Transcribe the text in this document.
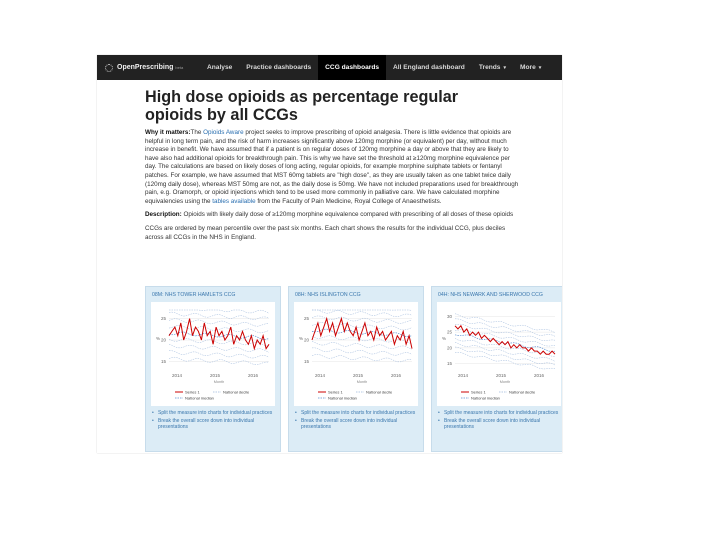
OpenPrescribing beta	Analyse Practice dashboards CCG dashboards All England dashboard Trends ▾ More ▾
High dose opioids as percentage regular opioids by all CCGs

Why it matters:The Opioids Aware project seeks to improve prescribing of opioid analgesia. There is little evidence that opioids are helpful in long term pain, and the risk of harm increases significantly above 120mg morphine (or equivalent) per day, without much increase in benefit. We have assumed that if a patient is on regular doses of 120mg morphine a day or above that they are likely to have also had additional opioids for breakthrough pain. This is why we have set the threshold at ≥120mg morphine equivalence per day. The calculations are based on likely doses of long acting, regular opioids, for example morphine sulphate tablets or fentanyl patches. For example, we have assumed that MST 60mg tablets are "high dose", as they are usually taken as one tablet twice daily (120mg daily dose), whereas MST 50mg are not, as the daily dose is 50mg. We have not included preparations used for breakthrough pain, e.g. Oramorph, or opioid injections which tend to be used more commonly in palliative care. We have calculated morphine equivalencies using the tables available from the Faculty of Pain Medicine, Royal College of Anaesthetists.

Description: Opioids with likely daily dose of ≥120mg morphine equivalence compared with prescribing of all doses of these opioids

CCGs are ordered by mean percentile over the past six months. Each chart shows the results for the individual CCG, plus deciles across all CCGs in the NHS in England.

08M: NHS TOWER HAMLETS CCG
15
20
25
%
2014	2015	2016
Month
Series 1	National decile
National median
• Split the measure into charts for individual practices
• Break the overall score down into individual presentations
08H: NHS ISLINGTON CCG
15
20
25
%
2014	2015	2016
Month
Series 1	National decile
National median
• Split the measure into charts for individual practices
• Break the overall score down into individual presentations
04H: NHS NEWARK AND SHERWOOD CCG
15
20
25
30
%
2014	2015	2016
Month
Series 1	National decile
National median
• Split the measure into charts for individual practices
• Break the overall score down into individual presentations
